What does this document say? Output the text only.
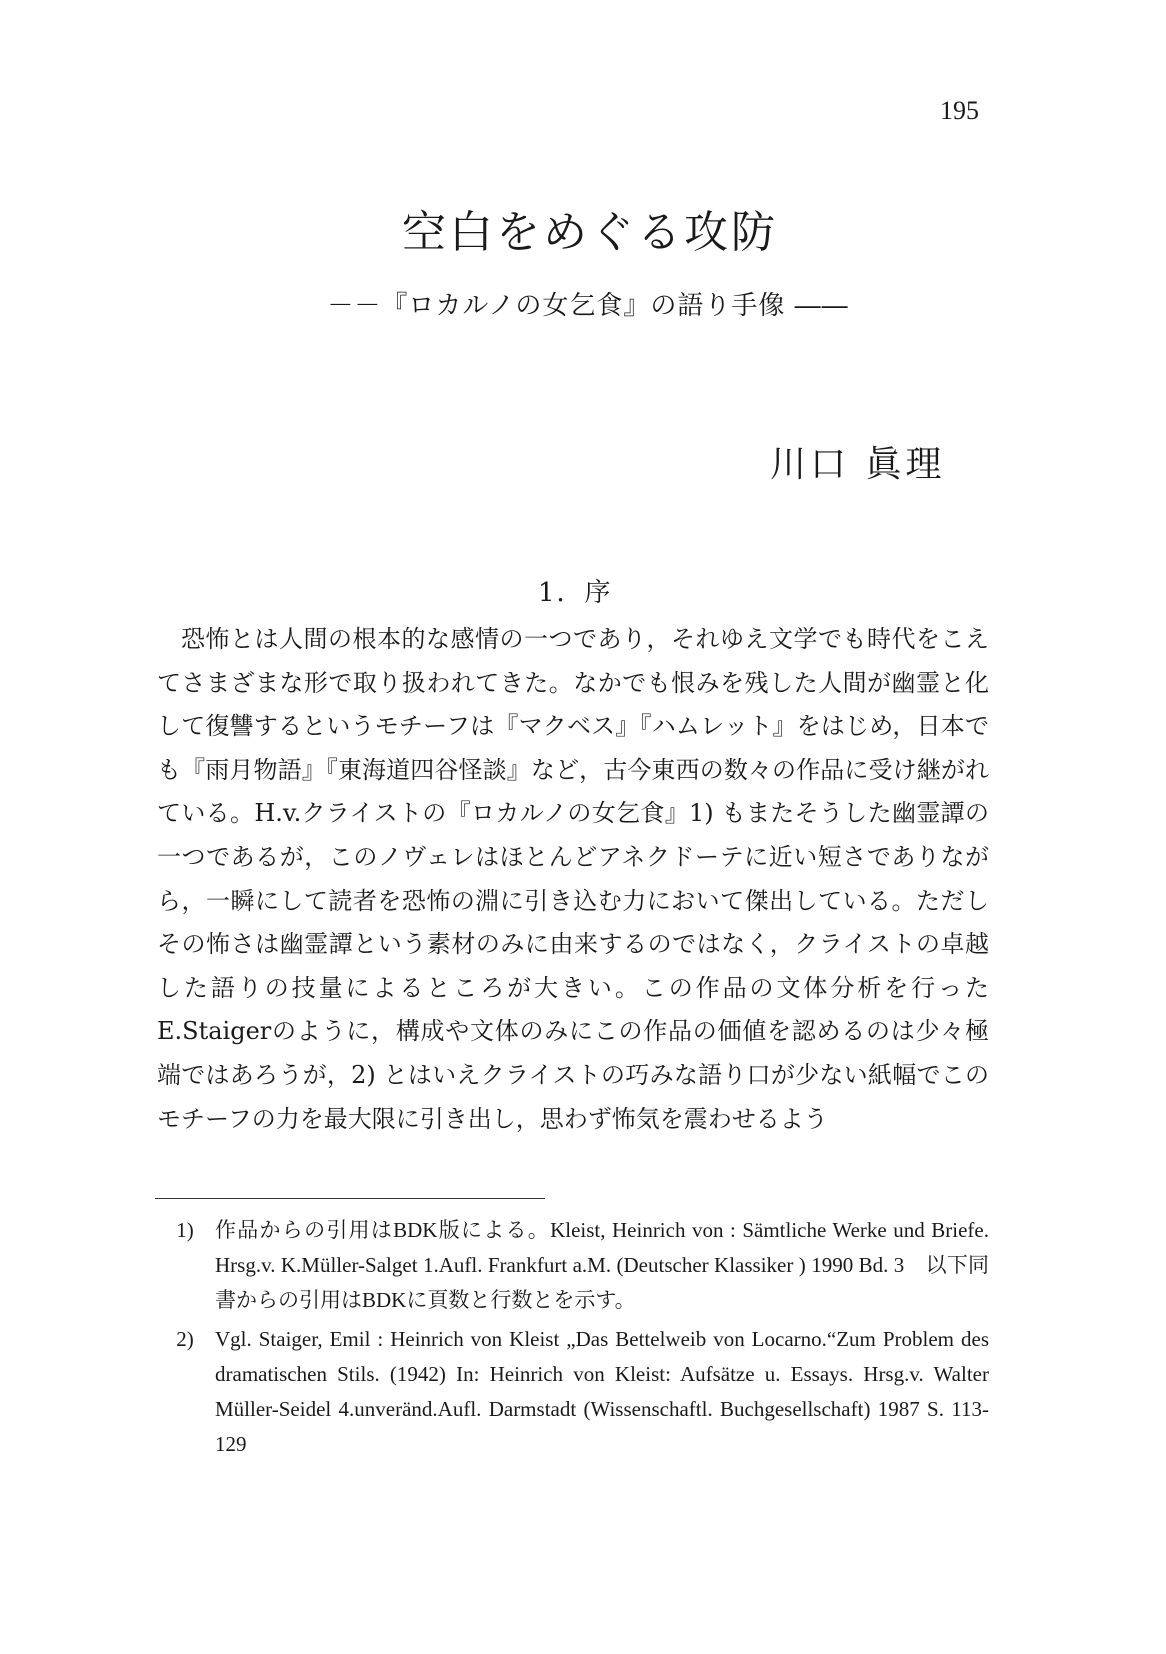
195
空白をめぐる攻防
－－『ロカルノの女乞食』の語り手像 ――
川口 眞理
1．序

恐怖とは人間の根本的な感情の一つであり，それゆえ文学でも時代をこえてさまざまな形で取り扱われてきた。なかでも恨みを残した人間が幽霊と化して復讐するというモチーフは『マクベス』『ハムレット』をはじめ，日本でも『雨月物語』『東海道四谷怪談』など，古今東西の数々の作品に受け継がれている。H.v.クライストの『ロカルノの女乞食』1) もまたそうした幽霊譚の一つであるが，このノヴェレはほとんどアネクドーテに近い短さでありながら，一瞬にして読者を恐怖の淵に引き込む力において傑出している。ただしその怖さは幽霊譚という素材のみに由来するのではなく，クライストの卓越した語りの技量によるところが大きい。この作品の文体分析を行ったE.Staigerのように，構成や文体のみにこの作品の価値を認めるのは少々極端ではあろうが，2) とはいえクライストの巧みな語り口が少ない紙幅でこのモチーフの力を最大限に引き出し，思わず怖気を震わせるよう

1)	作品からの引用はBDK版による。Kleist, Heinrich von : Sämtliche Werke und Briefe. Hrsg.v. K.Müller-Salget 1.Aufl. Frankfurt a.M. (Deutscher Klassiker ) 1990 Bd. 3　以下同書からの引用はBDKに頁数と行数とを示す。
2)	Vgl. Staiger, Emil : Heinrich von Kleist „Das Bettelweib von Locarno.“Zum Problem des dramatischen Stils. (1942) In: Heinrich von Kleist: Aufsätze u. Essays. Hrsg.v. Walter Müller-Seidel 4.unveränd.Aufl. Darmstadt (Wissenschaftl. Buchgesellschaft) 1987 S. 113-129
